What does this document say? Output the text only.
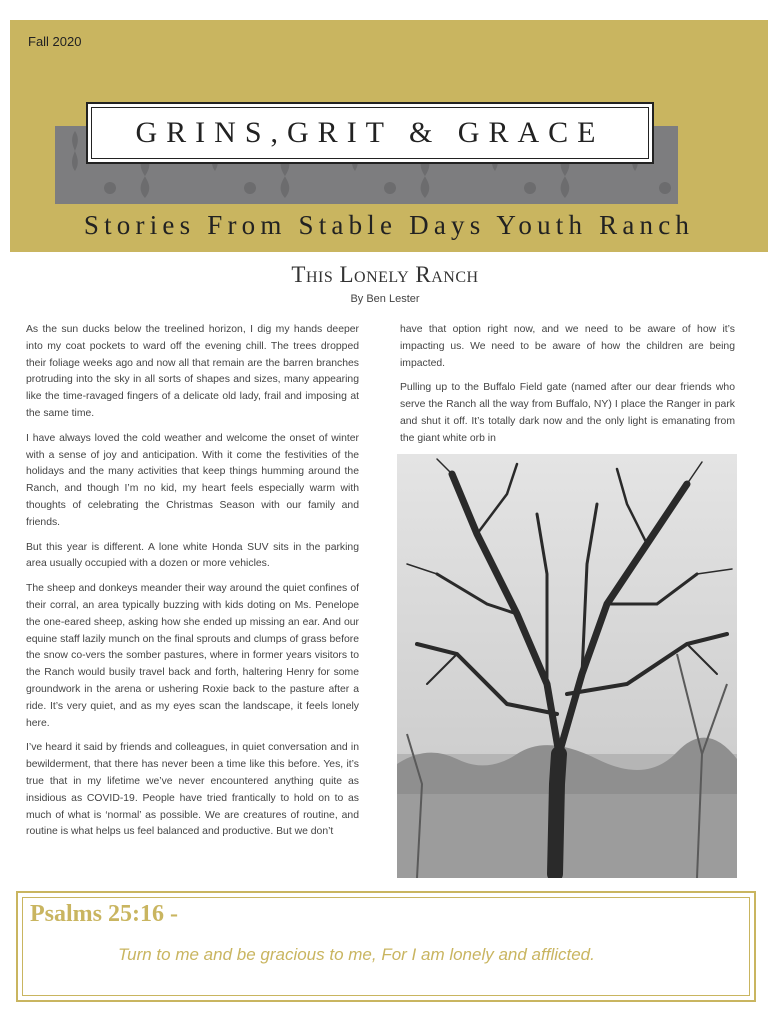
Fall 2020
GRINS,GRIT & GRACE
Stories From Stable Days Youth Ranch
This Lonely Ranch
By Ben Lester

As the sun ducks below the treelined horizon, I dig my hands deeper into my coat pockets to ward off the evening chill. The trees dropped their foliage weeks ago and now all that remain are the barren branches protruding into the sky in all sorts of shapes and sizes, many appearing like the time-ravaged fingers of a delicate old lady, frail and imposing at the same time.

I have always loved the cold weather and welcome the onset of winter with a sense of joy and anticipation. With it come the festivities of the holidays and the many activities that keep things humming around the Ranch, and though I’m no kid, my heart feels especially warm with thoughts of celebrating the Christmas Season with our family and friends.

But this year is different. A lone white Honda SUV sits in the parking area usually occupied with a dozen or more vehicles.

The sheep and donkeys meander their way around the quiet confines of their corral, an area typically buzzing with kids doting on Ms. Penelope the one-eared sheep, asking how she ended up missing an ear. And our equine staff lazily munch on the final sprouts and clumps of grass before the snow co-vers the somber pastures, where in former years visitors to the Ranch would busily travel back and forth, haltering Henry for some groundwork in the arena or ushering Roxie back to the pasture after a ride. It’s very quiet, and as my eyes scan the landscape, it feels lonely here.

I’ve heard it said by friends and colleagues, in quiet conversation and in bewilderment, that there has never been a time like this before. Yes, it’s true that in my lifetime we’ve never encountered anything quite as insidious as COVID-19. People have tried frantically to hold on to as much of what is ‘normal’ as possible. We are creatures of routine, and routine is what helps us feel balanced and productive. But we don’t

have that option right now, and we need to be aware of how it’s impacting us. We need to be aware of how the children are being impacted.

Pulling up to the Buffalo Field gate (named after our dear friends who serve the Ranch all the way from Buffalo, NY) I place the Ranger in park and shut it off. It’s totally dark now and the only light is emanating from the giant white orb in

Psalms 25:16 -
Turn to me and be gracious to me, For I am lonely and afflicted.
